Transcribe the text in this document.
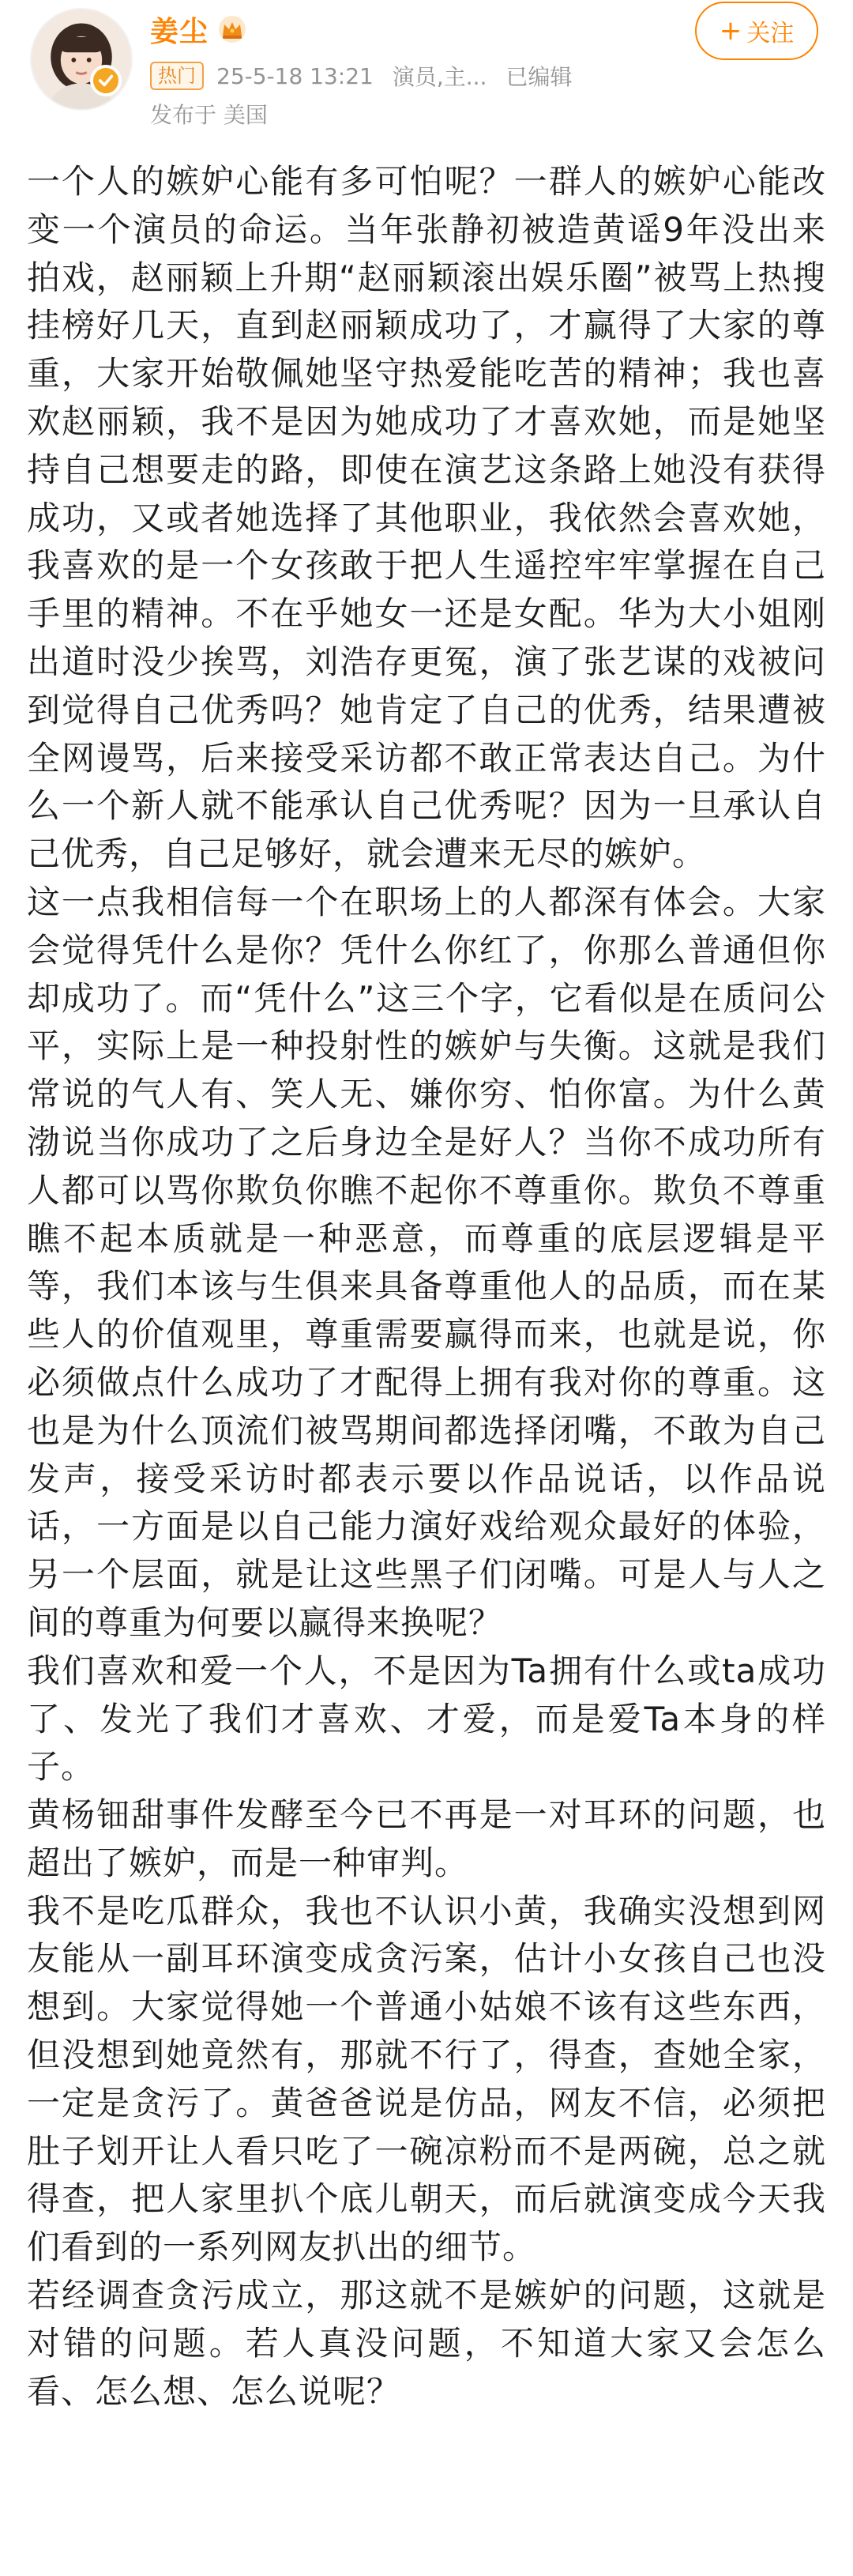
姜尘
热门 25-5-18 13:21 演员,主... 已编辑
发布于 美国
+ 关注

一个人的嫉妒心能有多可怕呢？一群人的嫉妒心能改变一个演员的命运。当年张静初被造黄谣9年没出来拍戏，赵丽颖上升期“赵丽颖滚出娱乐圈”被骂上热搜挂榜好几天，直到赵丽颖成功了，才赢得了大家的尊重，大家开始敬佩她坚守热爱能吃苦的精神；我也喜欢赵丽颖，我不是因为她成功了才喜欢她，而是她坚持自己想要走的路，即使在演艺这条路上她没有获得成功，又或者她选择了其他职业，我依然会喜欢她，我喜欢的是一个女孩敢于把人生遥控牢牢掌握在自己手里的精神。不在乎她女一还是女配。华为大小姐刚出道时没少挨骂，刘浩存更冤，演了张艺谋的戏被问到觉得自己优秀吗？她肯定了自己的优秀，结果遭被全网谩骂，后来接受采访都不敢正常表达自己。为什么一个新人就不能承认自己优秀呢？因为一旦承认自己优秀，自己足够好，就会遭来无尽的嫉妒。

这一点我相信每一个在职场上的人都深有体会。大家会觉得凭什么是你？凭什么你红了，你那么普通但你却成功了。而“凭什么”这三个字，它看似是在质问公平，实际上是一种投射性的嫉妒与失衡。这就是我们常说的气人有、笑人无、嫌你穷、怕你富。为什么黄渤说当你成功了之后身边全是好人？当你不成功所有人都可以骂你欺负你瞧不起你不尊重你。欺负不尊重瞧不起本质就是一种恶意，而尊重的底层逻辑是平等，我们本该与生俱来具备尊重他人的品质，而在某些人的价值观里，尊重需要赢得而来，也就是说，你必须做点什么成功了才配得上拥有我对你的尊重。这也是为什么顶流们被骂期间都选择闭嘴，不敢为自己发声，接受采访时都表示要以作品说话，以作品说话，一方面是以自己能力演好戏给观众最好的体验，另一个层面，就是让这些黑子们闭嘴。可是人与人之间的尊重为何要以赢得来换呢？

我们喜欢和爱一个人，不是因为Ta拥有什么或ta成功了、发光了我们才喜欢、才爱，而是爱Ta本身的样子。

黄杨钿甜事件发酵至今已不再是一对耳环的问题，也超出了嫉妒，而是一种审判。

我不是吃瓜群众，我也不认识小黄，我确实没想到网友能从一副耳环演变成贪污案，估计小女孩自己也没想到。大家觉得她一个普通小姑娘不该有这些东西，但没想到她竟然有，那就不行了，得查，查她全家，一定是贪污了。黄爸爸说是仿品，网友不信，必须把肚子划开让人看只吃了一碗凉粉而不是两碗，总之就得查，把人家里扒个底儿朝天，而后就演变成今天我们看到的一系列网友扒出的细节。

若经调查贪污成立，那这就不是嫉妒的问题，这就是对错的问题。若人真没问题，不知道大家又会怎么看、怎么想、怎么说呢？
